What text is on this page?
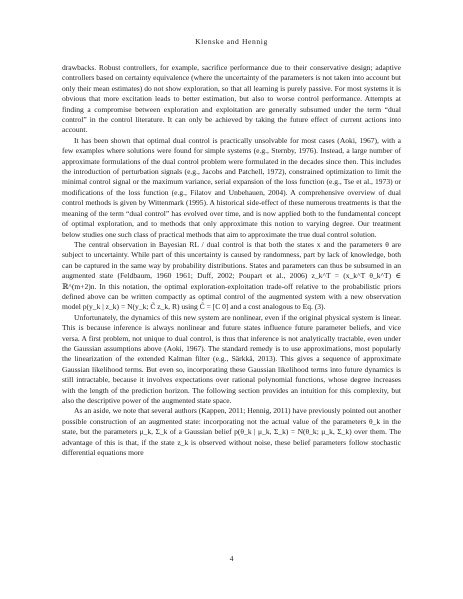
Klenske and Hennig

drawbacks. Robust controllers, for example, sacrifice performance due to their conservative design; adaptive controllers based on certainty equivalence (where the uncertainty of the parameters is not taken into account but only their mean estimates) do not show exploration, so that all learning is purely passive. For most systems it is obvious that more excitation leads to better estimation, but also to worse control performance. Attempts at finding a compromise between exploration and exploitation are generally subsumed under the term “dual control” in the control literature. It can only be achieved by taking the future effect of current actions into account.

It has been shown that optimal dual control is practically unsolvable for most cases (Aoki, 1967), with a few examples where solutions were found for simple systems (e.g., Sternby, 1976). Instead, a large number of approximate formulations of the dual control problem were formulated in the decades since then. This includes the introduction of perturbation signals (e.g., Jacobs and Patchell, 1972), constrained optimization to limit the minimal control signal or the maximum variance, serial expansion of the loss function (e.g., Tse et al., 1973) or modifications of the loss function (e.g., Filatov and Unbehauen, 2004). A comprehensive overview of dual control methods is given by Wittenmark (1995). A historical side-effect of these numerous treatments is that the meaning of the term “dual control” has evolved over time, and is now applied both to the fundamental concept of optimal exploration, and to methods that only approximate this notion to varying degree. Our treatment below studies one such class of practical methods that aim to approximate the true dual control solution.

The central observation in Bayesian RL / dual control is that both the states x and the parameters θ are subject to uncertainty. While part of this uncertainty is caused by randomness, part by lack of knowledge, both can be captured in the same way by probability distributions. States and parameters can thus be subsumed in an augmented state (Feldbaum, 1960 1961; Duff, 2002; Poupart et al., 2006) z_k^T = (x_k^T θ_k^T) ∈ ℝ^(m+2)n. In this notation, the optimal exploration-exploitation trade-off relative to the probabilistic priors defined above can be written compactly as optimal control of the augmented system with a new observation model p(y_k | z_k) = N(y_k; C̃ z_k, R) using C̃ = [C 0] and a cost analogous to Eq. (3).

Unfortunately, the dynamics of this new system are nonlinear, even if the original physical system is linear. This is because inference is always nonlinear and future states influence future parameter beliefs, and vice versa. A first problem, not unique to dual control, is thus that inference is not analytically tractable, even under the Gaussian assumptions above (Aoki, 1967). The standard remedy is to use approximations, most popularly the linearization of the extended Kalman filter (e.g., Särkkä, 2013). This gives a sequence of approximate Gaussian likelihood terms. But even so, incorporating these Gaussian likelihood terms into future dynamics is still intractable, because it involves expectations over rational polynomial functions, whose degree increases with the length of the prediction horizon. The following section provides an intuition for this complexity, but also the descriptive power of the augmented state space.

As an aside, we note that several authors (Kappen, 2011; Hennig, 2011) have previously pointed out another possible construction of an augmented state: incorporating not the actual value of the parameters θ_k in the state, but the parameters μ_k, Σ_k of a Gaussian belief p(θ_k | μ_k, Σ_k) = N(θ_k; μ_k, Σ_k) over them. The advantage of this is that, if the state z_k is observed without noise, these belief parameters follow stochastic differential equations more

4
